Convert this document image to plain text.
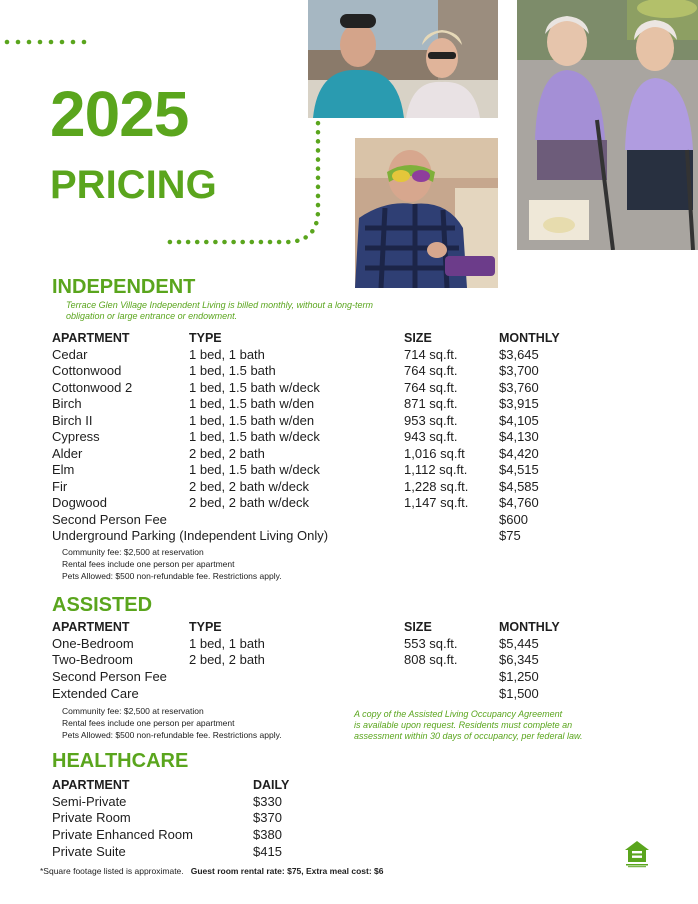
2025
PRICING
INDEPENDENT
Terrace Glen Village Independent Living is billed monthly, without a long-term
obligation or large entrance or endowment.
APARTMENT	TYPE	SIZE	MONTHLY
Cedar	1 bed, 1 bath	714 sq.ft.	$3,645
Cottonwood	1 bed, 1.5 bath	764 sq.ft.	$3,700
Cottonwood 2	1 bed, 1.5 bath w/deck	764 sq.ft.	$3,760
Birch	1 bed, 1.5 bath w/den	871 sq.ft.	$3,915
Birch II	1 bed, 1.5 bath w/den	953 sq.ft.	$4,105
Cypress	1 bed, 1.5 bath w/deck	943 sq.ft.	$4,130
Alder	2 bed, 2 bath	1,016 sq.ft	$4,420
Elm	1 bed, 1.5 bath w/deck	1,112 sq.ft. $4,515
Fir	2 bed, 2 bath w/deck	1,228 sq.ft. $4,585
Dogwood	2 bed, 2 bath w/deck	1,147 sq.ft. $4,760
Second Person Fee	$600
Underground Parking (Independent Living Only)	$75
Community fee: $2,500 at reservation
Rental fees include one person per apartment
Pets Allowed: $500 non-refundable fee. Restrictions apply.
ASSISTED
APARTMENT	TYPE	SIZE	MONTHLY
One-Bedroom	1 bed, 1 bath	553 sq.ft.	$5,445
Two-Bedroom	2 bed, 2 bath	808 sq.ft.	$6,345
Second Person Fee	$1,250
Extended Care	$1,500
Community fee: $2,500 at reservation
Rental fees include one person per apartment
Pets Allowed: $500 non-refundable fee. Restrictions apply.
A copy of the Assisted Living Occupancy Agreement
is available upon request. Residents must complete an
assessment within 30 days of occupancy, per federal law.
HEALTHCARE
APARTMENT	DAILY
Semi-Private	$330
Private Room	$370
Private Enhanced Room	$380
Private Suite	$415
*Square footage listed is approximate. Guest room rental rate: $75, Extra meal cost: $6
